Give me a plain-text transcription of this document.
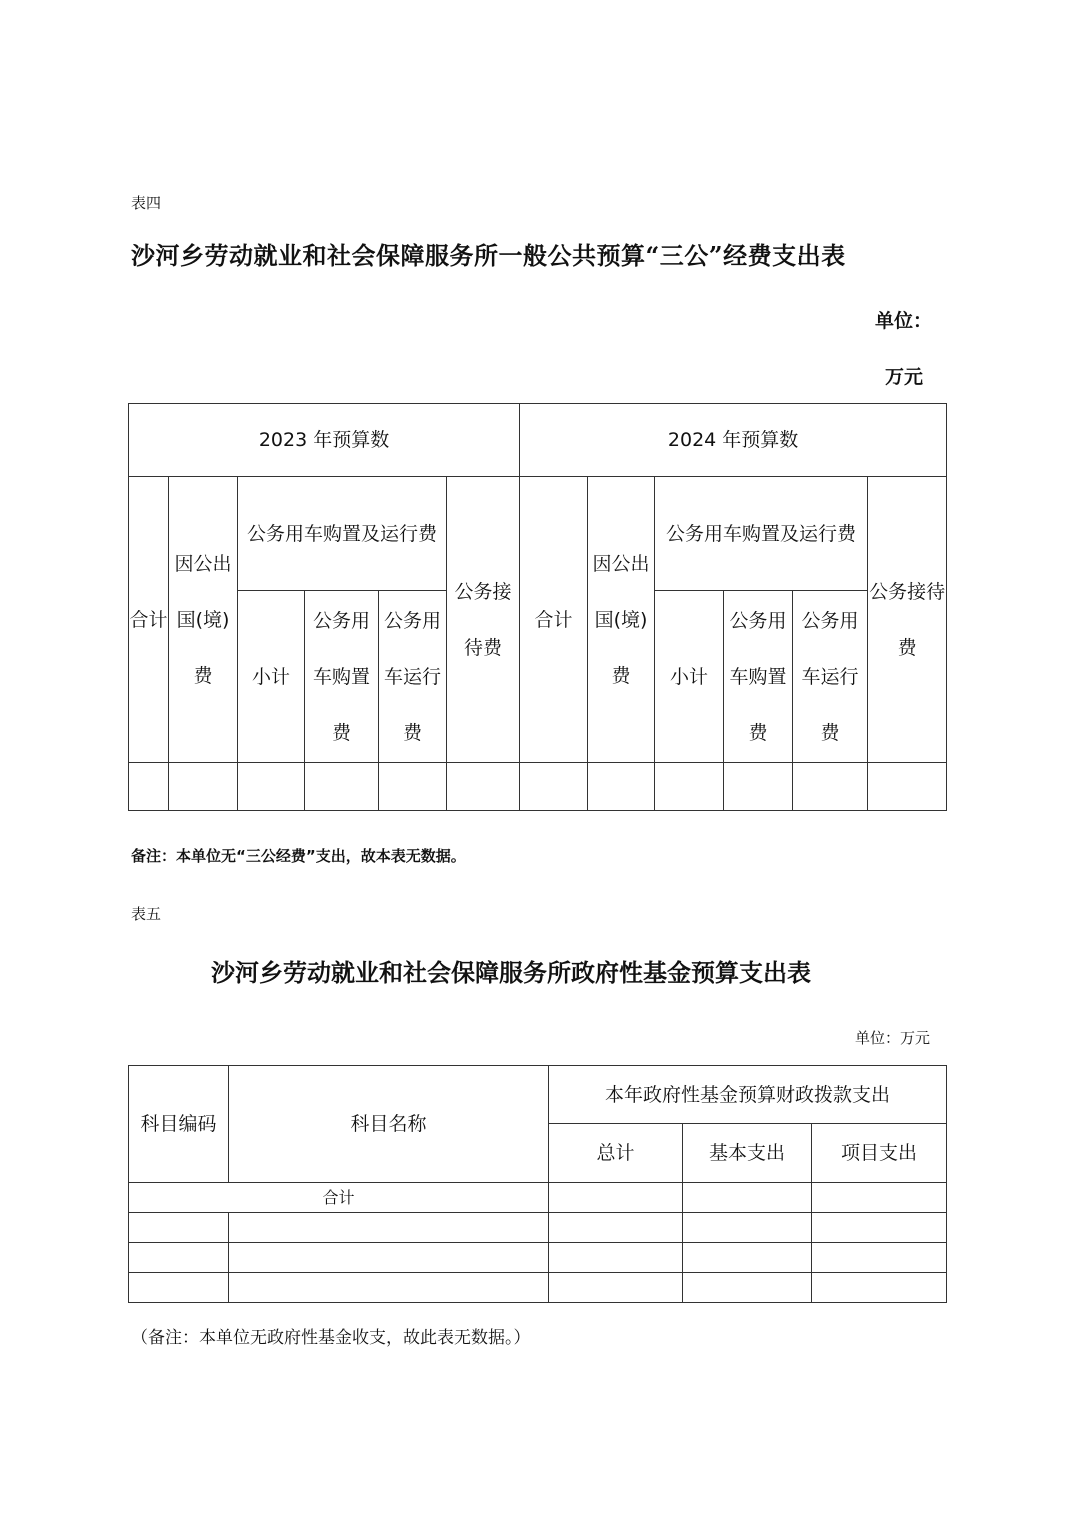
表四
沙河乡劳动就业和社会保障服务所一般公共预算“三公”经费支出表
单位：
万元
2023 年预算数						2024 年预算数					
合计	因公出国(境)费	公务用车购置及运行费			公务接待费	合计	因公出国(境)费	公务用车购置及运行费			公务接待费
		小计	公务用车购置费	公务用车运行费				小计	公务用车购置费	公务用车运行费	

备注：本单位无“三公经费”支出，故本表无数据。
表五
沙河乡劳动就业和社会保障服务所政府性基金预算支出表
单位：万元
科目编码	科目名称	本年政府性基金预算财政拨款支出		
		总计	基本支出	项目支出
合计				

（备注：本单位无政府性基金收支，故此表无数据。）
